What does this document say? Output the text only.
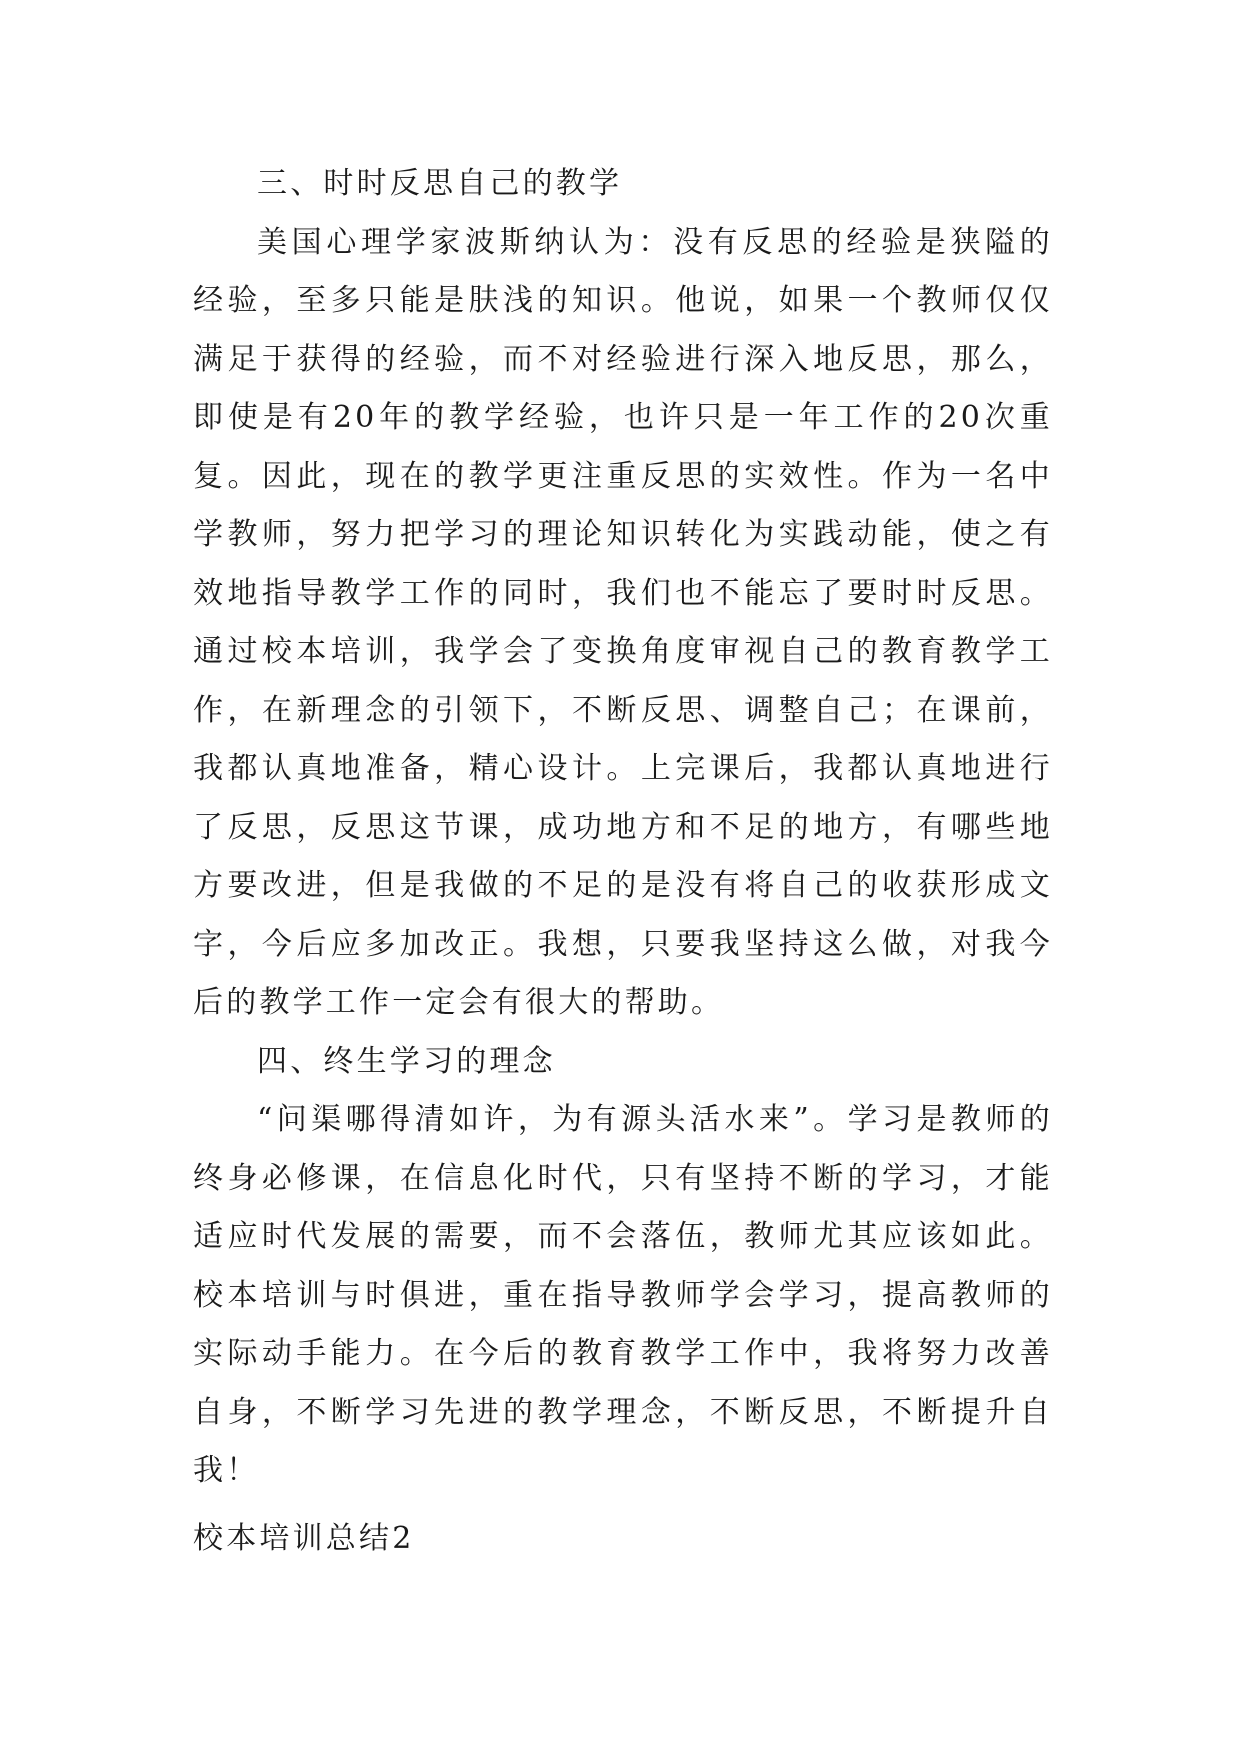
三、时时反思自己的教学

美国心理学家波斯纳认为：没有反思的经验是狭隘的经验，至多只能是肤浅的知识。他说，如果一个教师仅仅满足于获得的经验，而不对经验进行深入地反思，那么，即使是有20年的教学经验，也许只是一年工作的20次重复。因此，现在的教学更注重反思的实效性。作为一名中学教师，努力把学习的理论知识转化为实践动能，使之有效地指导教学工作的同时，我们也不能忘了要时时反思。通过校本培训，我学会了变换角度审视自己的教育教学工作，在新理念的引领下，不断反思、调整自己；在课前，我都认真地准备，精心设计。上完课后，我都认真地进行了反思，反思这节课，成功地方和不足的地方，有哪些地方要改进，但是我做的不足的是没有将自己的收获形成文字，今后应多加改正。我想，只要我坚持这么做，对我今后的教学工作一定会有很大的帮助。

四、终生学习的理念

“问渠哪得清如许，为有源头活水来”。学习是教师的终身必修课，在信息化时代，只有坚持不断的学习，才能适应时代发展的需要，而不会落伍，教师尤其应该如此。校本培训与时俱进，重在指导教师学会学习，提高教师的实际动手能力。在今后的教育教学工作中，我将努力改善自身，不断学习先进的教学理念，不断反思，不断提升自我！

校本培训总结2
